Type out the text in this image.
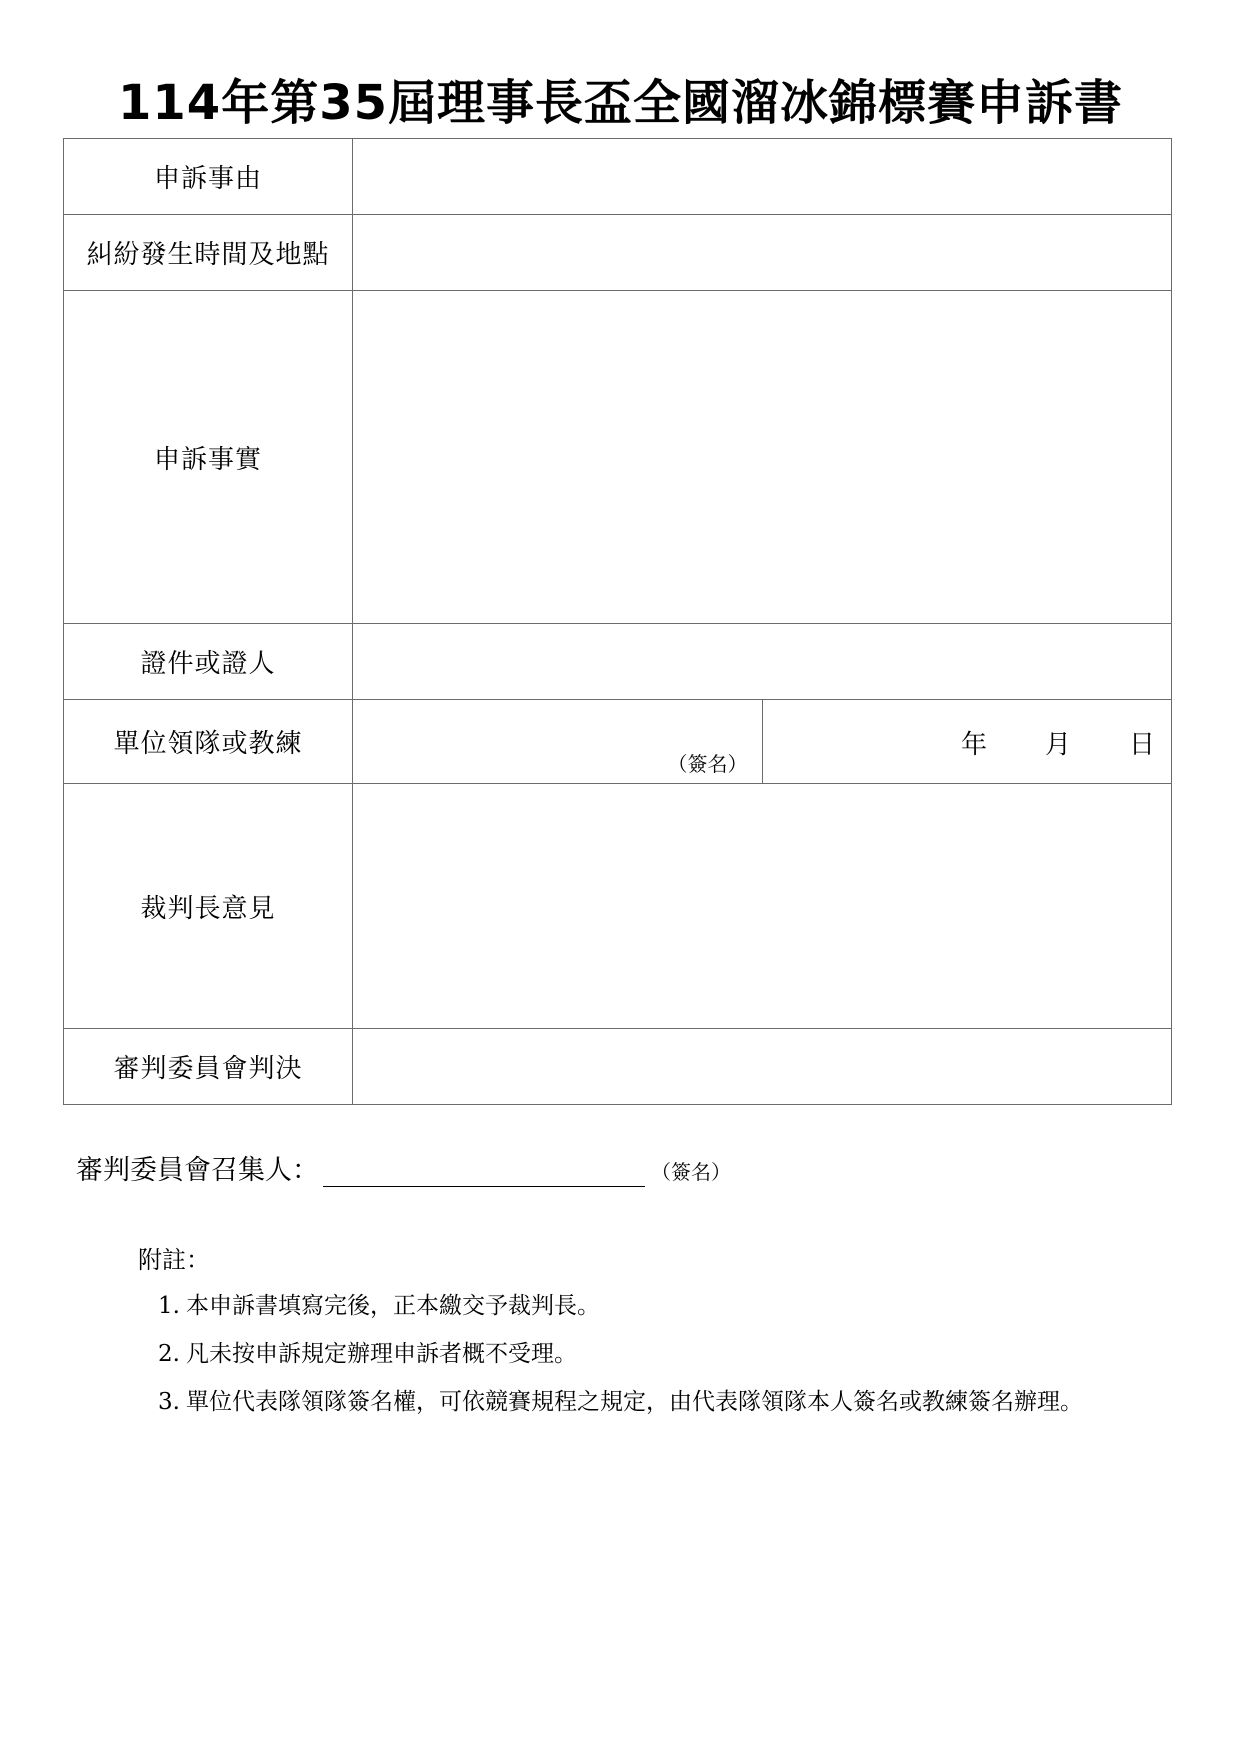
114年第35屆理事長盃全國溜冰錦標賽申訴書
申訴事由		
糾紛發生時間及地點		
申訴事實		
證件或證人		
單位領隊或教練	（簽名）	年 月 日

裁判長意見		
審判委員會判決		
審判委員會召集人：	（簽名）
附註：
1. 本申訴書填寫完後，正本繳交予裁判長。
2. 凡未按申訴規定辦理申訴者概不受理。
3. 單位代表隊領隊簽名權，可依競賽規程之規定，由代表隊領隊本人簽名或教練簽名辦理。
